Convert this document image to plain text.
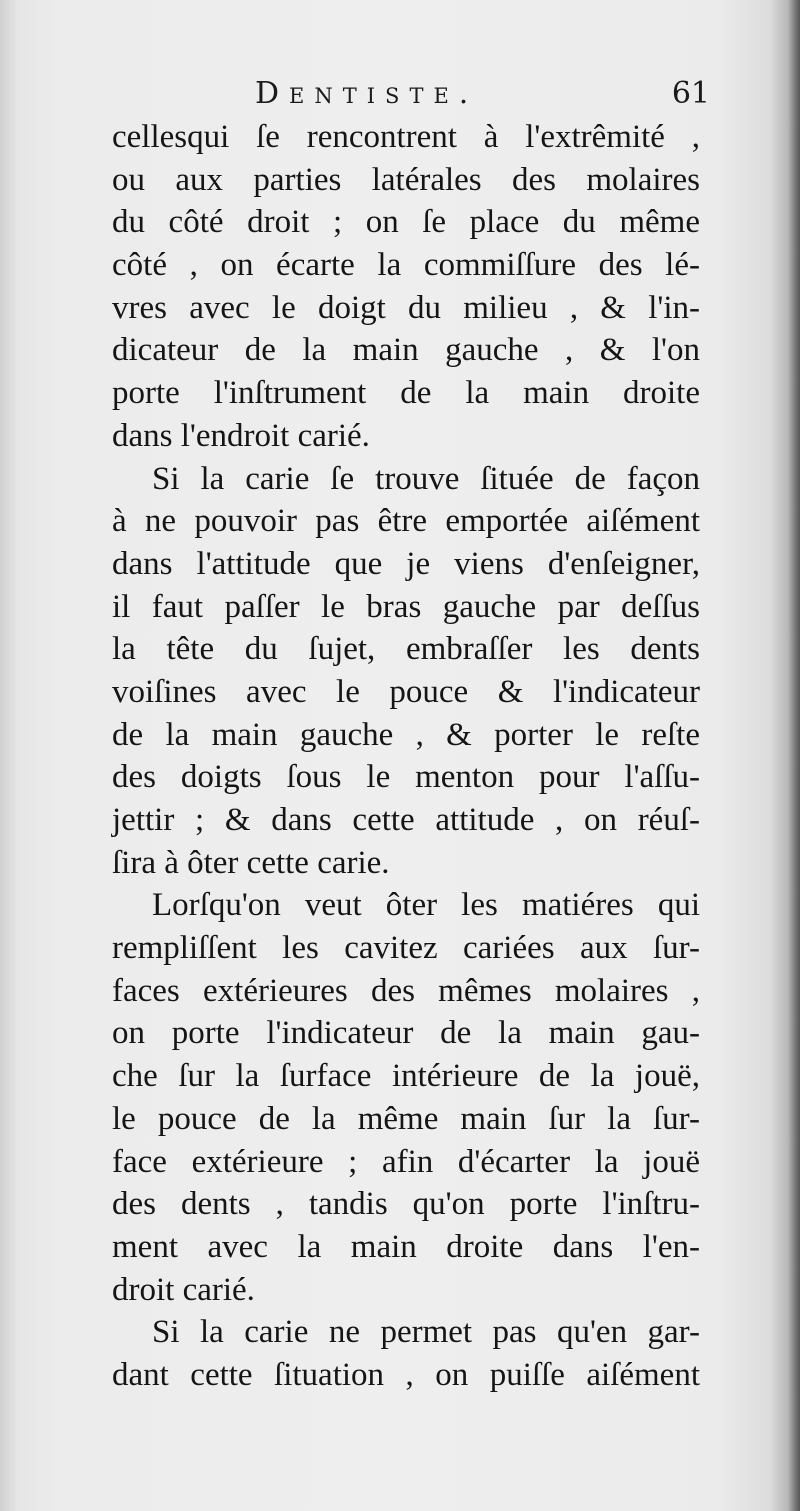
Dentiste.	61
cellesqui ſe rencontrent à l'extrêmité ,
ou aux parties latérales des molaires
du côté droit ; on ſe place du même
côté , on écarte la commiſſure des lé-
vres avec le doigt du milieu , & l'in-
dicateur de la main gauche , & l'on
porte l'inſtrument de la main droite
dans l'endroit carié.
Si la carie ſe trouve ſituée de façon
à ne pouvoir pas être emportée aiſément
dans l'attitude que je viens d'enſeigner,
il faut paſſer le bras gauche par deſſus
la tête du ſujet, embraſſer les dents
voiſines avec le pouce & l'indicateur
de la main gauche , & porter le reſte
des doigts ſous le menton pour l'aſſu-
jettir ; & dans cette attitude , on réuſ-
ſira à ôter cette carie.
Lorſqu'on veut ôter les matiéres qui
rempliſſent les cavitez cariées aux ſur-
faces extérieures des mêmes molaires ,
on porte l'indicateur de la main gau-
che ſur la ſurface intérieure de la jouë,
le pouce de la même main ſur la ſur-
face extérieure ; afin d'écarter la jouë
des dents , tandis qu'on porte l'inſtru-
ment avec la main droite dans l'en-
droit carié.
Si la carie ne permet pas qu'en gar-
dant cette ſituation , on puiſſe aiſément
